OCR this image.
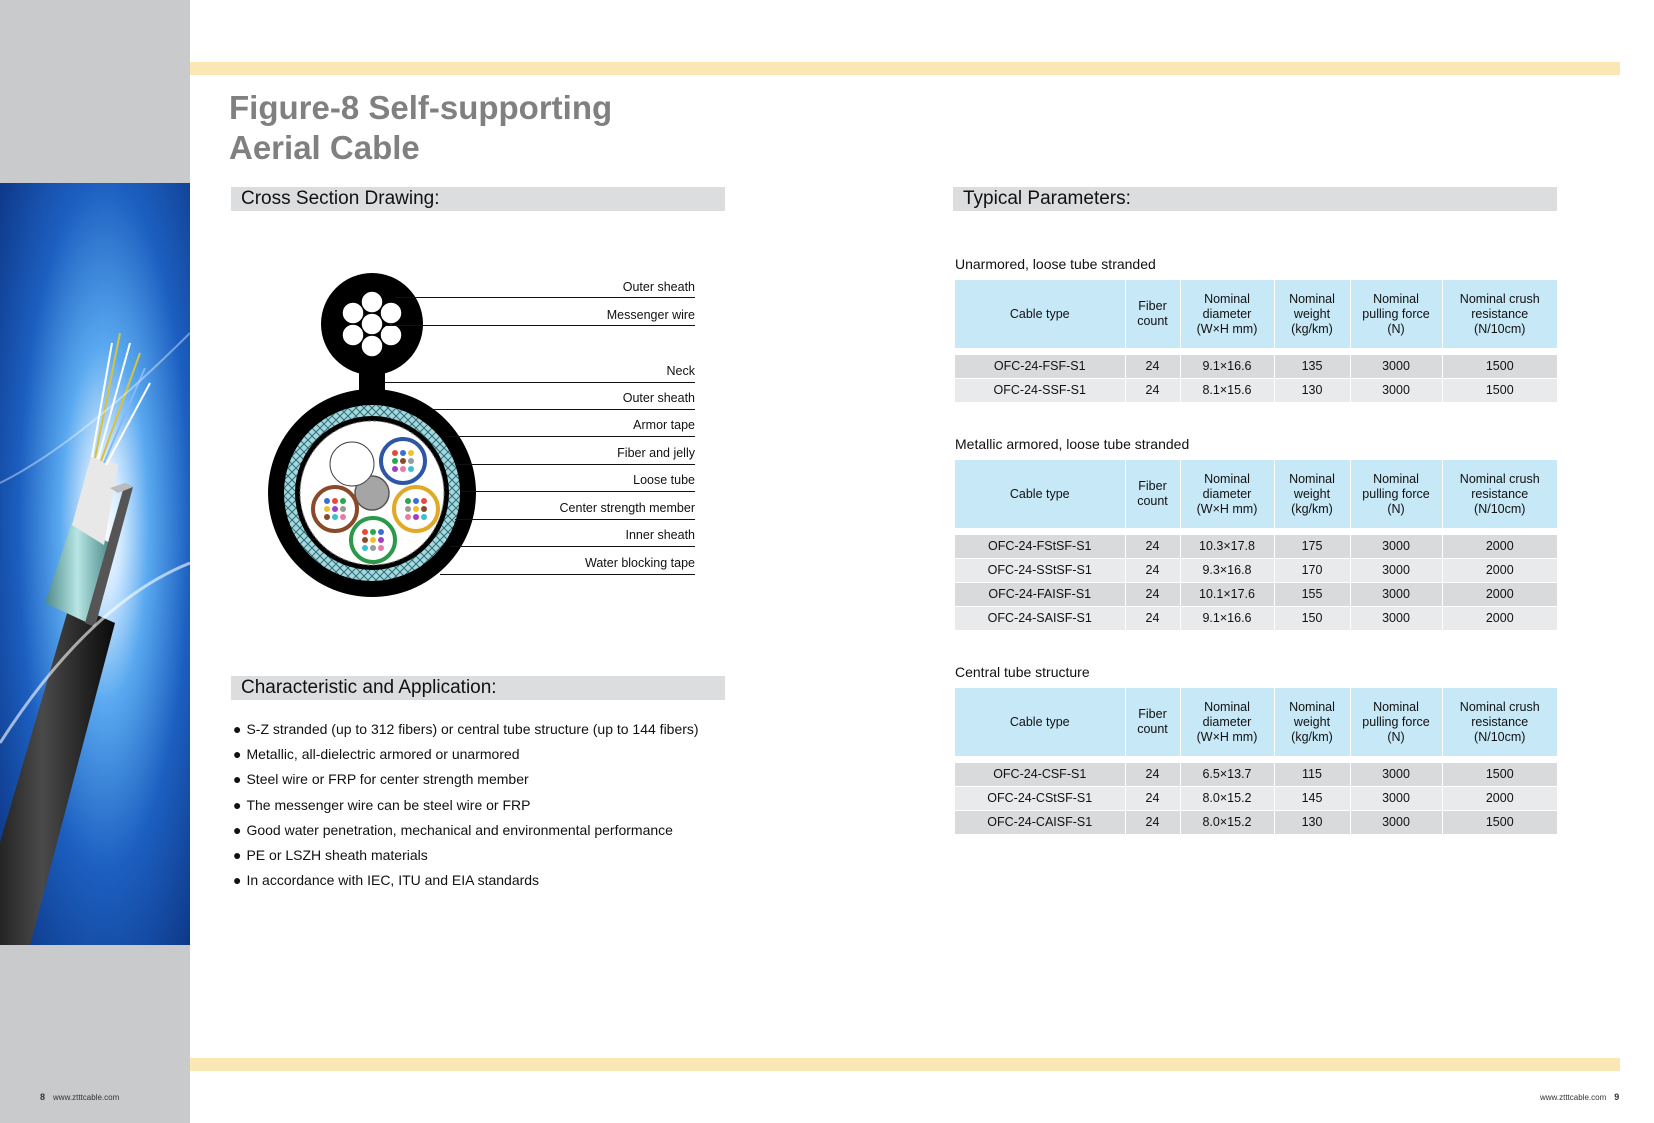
Figure-8 Self-supporting
Aerial Cable
Cross Section Drawing:	Typical Parameters:
Characteristic and Application:
Outer sheath
Messenger wire
Neck
Outer sheath
Armor tape
Fiber and jelly
Loose tube
Center strength member
Inner sheath
Water blocking tape
● S-Z stranded (up to 312 fibers) or central tube structure (up to 144 fibers)
● Metallic, all-dielectric armored or unarmored
● Steel wire or FRP for center strength member
● The messenger wire can be steel wire or FRP
● Good water penetration, mechanical and environmental performance
● PE or LSZH sheath materials
● In accordance with IEC, ITU and EIA standards
Unarmored, loose tube stranded
Cable type	Fiber
count	Nominal
diameter
(W×H mm)	Nominal
weight
(kg/km)	Nominal
pulling force
(N)	Nominal crush
resistance
(N/10cm)

OFC-24-FSF-S1	24	9.1×16.6	135	3000	1500
OFC-24-SSF-S1	24	8.1×15.6	130	3000	1500
Metallic armored, loose tube stranded
Cable type	Fiber
count	Nominal
diameter
(W×H mm)	Nominal
weight
(kg/km)	Nominal
pulling force
(N)	Nominal crush
resistance
(N/10cm)

OFC-24-FStSF-S1	24	10.3×17.8	175	3000	2000
OFC-24-SStSF-S1	24	9.3×16.8	170	3000	2000
OFC-24-FAISF-S1	24	10.1×17.6	155	3000	2000
OFC-24-SAISF-S1	24	9.1×16.6	150	3000	2000
Central tube structure
Cable type	Fiber
count	Nominal
diameter
(W×H mm)	Nominal
weight
(kg/km)	Nominal
pulling force
(N)	Nominal crush
resistance
(N/10cm)

OFC-24-CSF-S1	24	6.5×13.7	115	3000	1500
OFC-24-CStSF-S1	24	8.0×15.2	145	3000	2000
OFC-24-CAISF-S1	24	8.0×15.2	130	3000	1500
8 www.ztttcable.com	www.ztttcable.com 9
